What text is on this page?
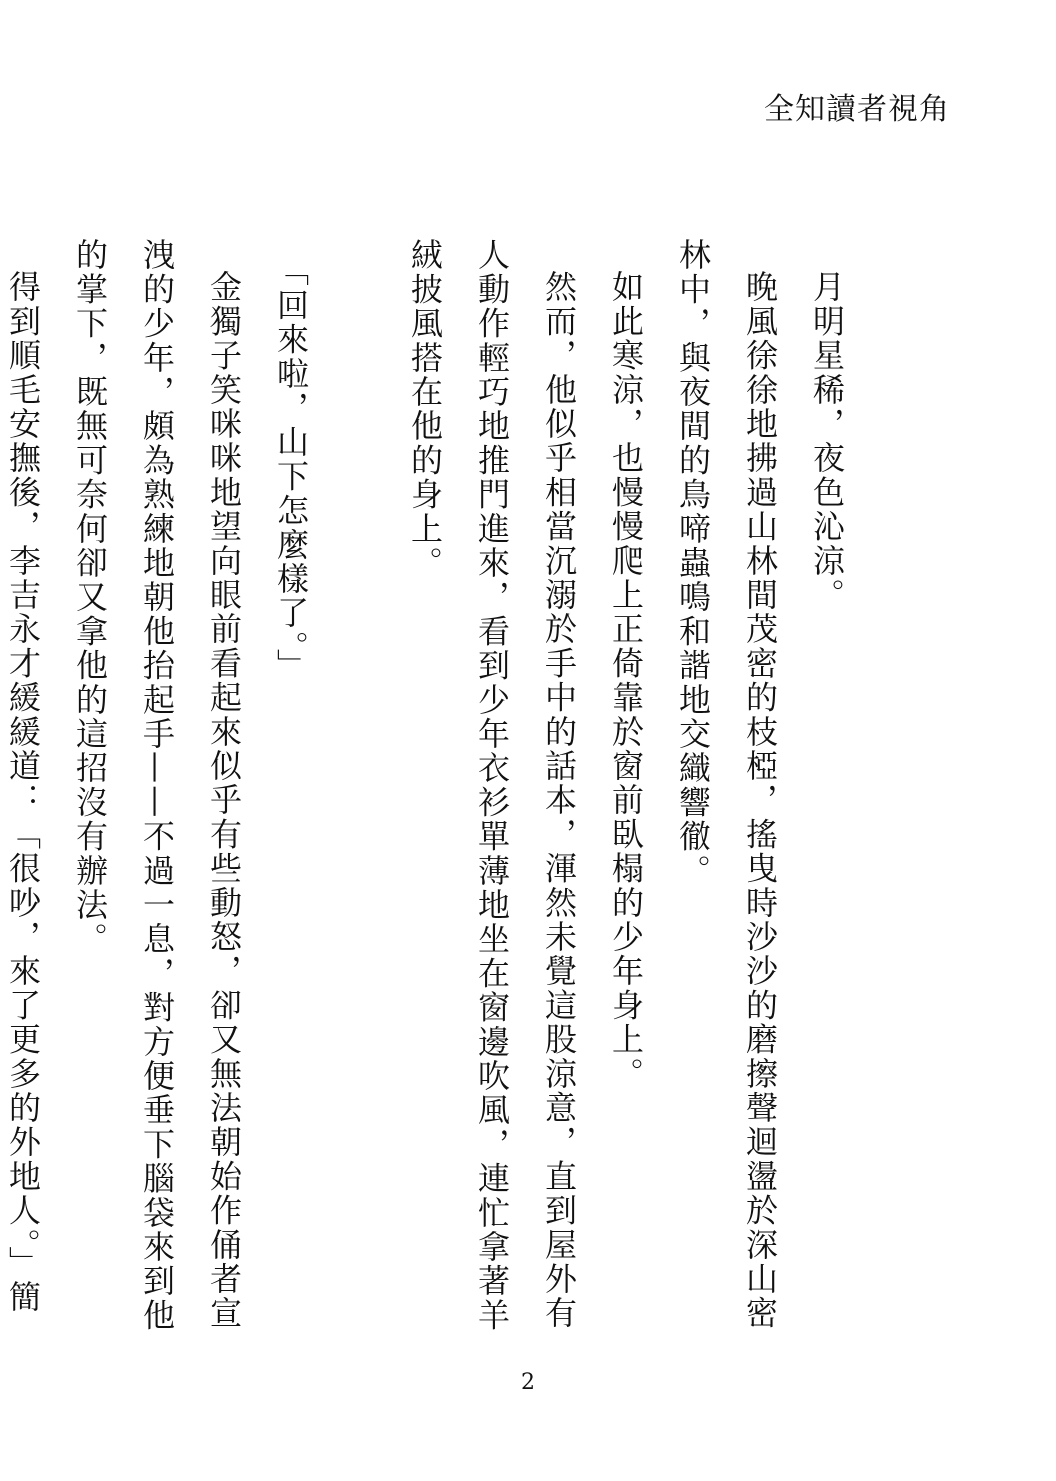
全知讀者視角

月明星稀，夜色沁涼。

晚風徐徐地拂過山林間茂密的枝椏，搖曳時沙沙的磨擦聲迴盪於深山密林中，與夜間的鳥啼蟲鳴和諧地交織響徹。

如此寒涼，也慢慢爬上正倚靠於窗前臥榻的少年身上。

然而，他似乎相當沉溺於手中的話本，渾然未覺這股涼意，直到屋外有人動作輕巧地推門進來，看到少年衣衫單薄地坐在窗邊吹風，連忙拿著羊絨披風搭在他的身上。

「回來啦，山下怎麼樣了。」

金獨子笑咪咪地望向眼前看起來似乎有些動怒，卻又無法朝始作俑者宣洩的少年，頗為熟練地朝他抬起手——不過一息，對方便垂下腦袋來到他的掌下，既無可奈何卻又拿他的這招沒有辦法。

得到順毛安撫後，李吉永才緩緩道：「很吵，來了更多的外地人。」簡

2
